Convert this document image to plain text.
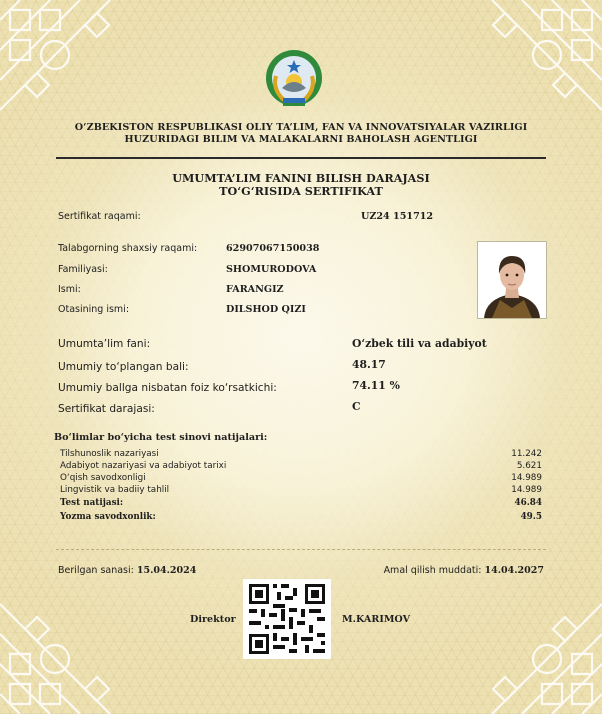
O‘ZBEKISTON RESPUBLIKASI OLIY TA’LIM, FAN VA INNOVATSIYALAR VAZIRLIGI
HUZURIDAGI BILIM VA MALAKALARNI BAHOLASH AGENTLIGI
UMUMTA’LIM FANINI BILISH DARAJASI
TO‘G‘RISIDA SERTIFIKAT
Sertifikat raqami:	UZ24 151712
Talabgorning shaxsiy raqami:	62907067150038
Familiyasi:	SHOMURODOVA
Ismi:	FARANGIZ
Otasining ismi:	DILSHOD QIZI
Umumta’lim fani:	O‘zbek tili va adabiyot
Umumiy to‘plangan bali:	48.17
Umumiy ballga nisbatan foiz ko‘rsatkichi:	74.11 %
Sertifikat darajasi:	C
Bo‘limlar bo‘yicha test sinovi natijalari:
Tilshunoslik nazariyasi	11.242
Adabiyot nazariyasi va adabiyot tarixi	5.621
O‘qish savodxonligi	14.989
Lingvistik va badiiy tahlil	14.989
Test natijasi:	46.84
Yozma savodxonlik:	49.5
Berilgan sanasi: 15.04.2024	Amal qilish muddati: 14.04.2027
Direktor	M.KARIMOV
